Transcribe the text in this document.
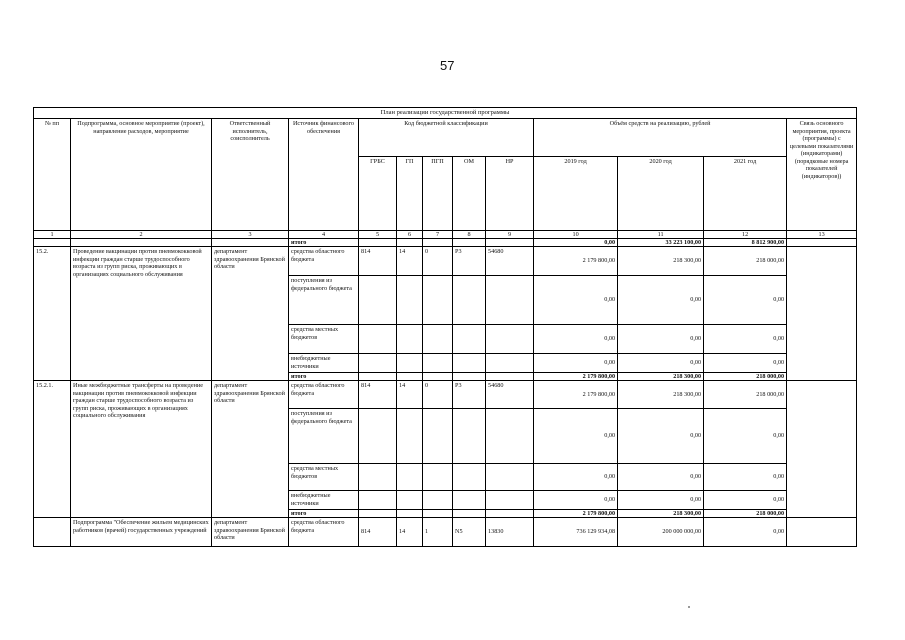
57
План реализации государственной программы
№ пп	Подпрограмма, основное мероприятие (проект), направление расходов, мероприятие	Ответственный исполнитель, соисполнитель	Источник финансового обеспечения	Код бюджетной классификации					Объём средств на реализацию, рублей			Связь основного мероприятия, проекта (программы) с целевыми показателями (индикаторами) (порядковые номера показателей (индикаторов))
				ГРБС	ГП	ПГП	ОМ	НР	2019 год	2020 год	2021 год	
1	2	3	4	5	6	7	8	9	10	11	12	13
			итого						0,00	33 223 100,00	8 812 900,00	
15.2.	Проведение вакцинации против пневмококковой инфекции граждан старше трудоспособного возраста из групп риска, проживающих в организациях социального обслуживания	департамент здравоохранения Брянской области	средства областного бюджета	814	14	0	Р3	54680	2 179 800,00	218 300,00	218 000,00	
			поступления из федерального бюджета						0,00	0,00	0,00	
			средства местных бюджетов						0,00	0,00	0,00	
			внебюджетные источники						0,00	0,00	0,00	
			итого						2 179 800,00	218 300,00	218 000,00	
15.2.1.	Иные межбюджетные трансферты на проведение вакцинации против пневмококковой инфекции граждан старше трудоспособного возраста из групп риска, проживающих в организациях социального обслуживания	департамент здравоохранения Брянской области	средства областного бюджета	814	14	0	Р3	54680	2 179 800,00	218 300,00	218 000,00	
			поступления из федерального бюджета						0,00	0,00	0,00	
			средства местных бюджетов						0,00	0,00	0,00	
			внебюджетные источники						0,00	0,00	0,00	
			итого						2 179 800,00	218 300,00	218 000,00	
	Подпрограмма "Обеспечение жильем медицинских работников (врачей) государственных учреждений	департамент здравоохранения Брянской области	средства областного бюджета	814	14	1	N5	13830	736 129 934,08	200 000 000,00	0,00	
